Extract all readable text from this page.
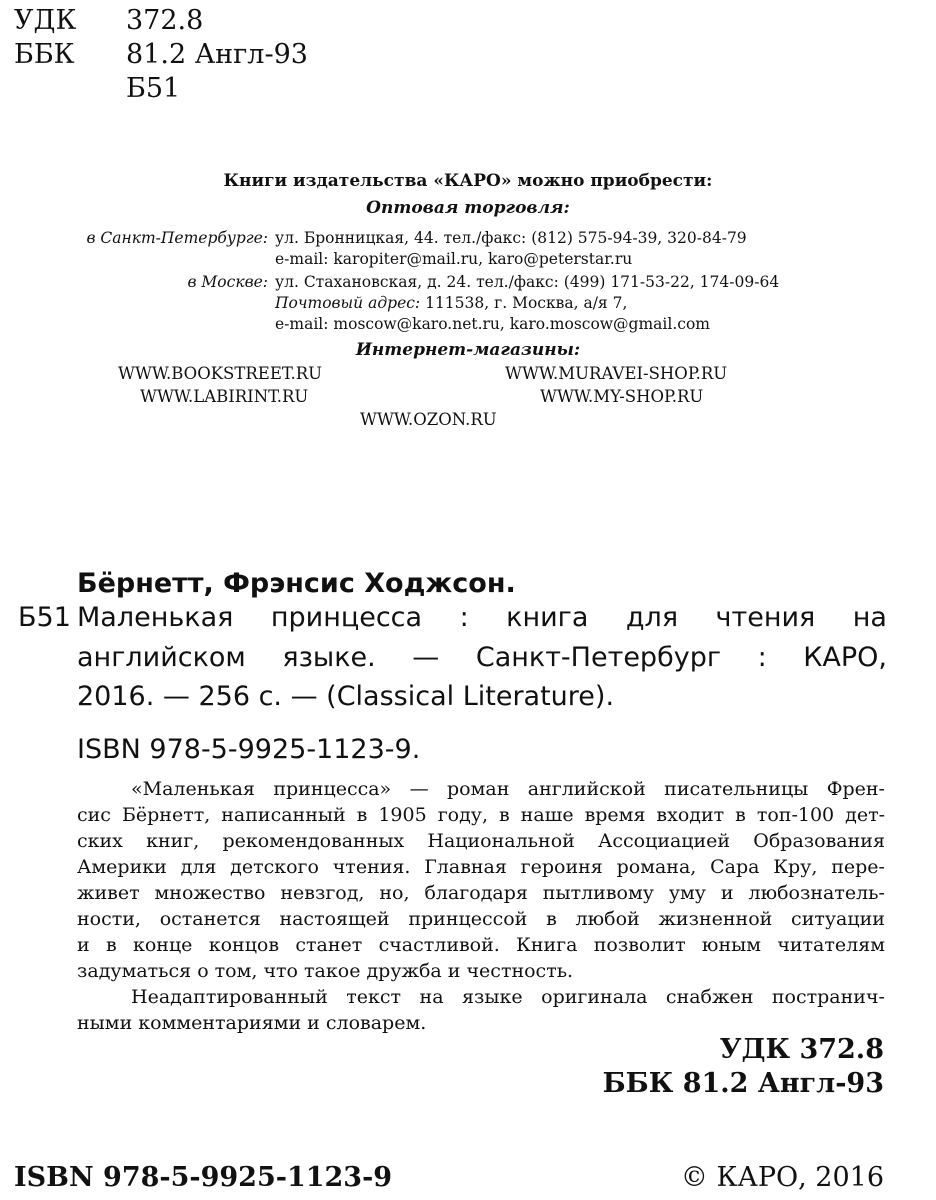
УДК 372.8
ББК 81.2 Англ-93
Б51
Книги издательства «КАРО» можно приобрести:
Оптовая торговля:
в Санкт-Петербурге: ул. Бронницкая, 44. тел./факс: (812) 575-94-39, 320-84-79
e-mail: karopiter@mail.ru, karo@peterstar.ru
в Москве: ул. Стахановская, д. 24. тел./факс: (499) 171-53-22, 174-09-64
Почтовый адрес: 111538, г. Москва, а/я 7,
e-mail: moscow@karo.net.ru, karo.moscow@gmail.com
Интернет-магазины:
WWW.BOOKSTREET.RU	WWW.MURAVEI-SHOP.RU
WWW.LABIRINT.RU	WWW.MY-SHOP.RU
WWW.OZON.RU
Бёрнетт, Фрэнсис Ходжсон.
Б51 Маленькая принцесса : книга для чтения на
английском языке. — Санкт-Петербург : КАРО,
2016. — 256 с. — (Classical Literature).
ISBN 978-5-9925-1123-9.
«Маленькая принцесса» — роман английской писательницы Френ-
сис Бёрнетт, написанный в 1905 году, в наше время входит в топ-100 дет-
ских книг, рекомендованных Национальной Ассоциацией Образования
Америки для детского чтения. Главная героиня романа, Сара Кру, пере-
живет множество невзгод, но, благодаря пытливому уму и любознатель-
ности, останется настоящей принцессой в любой жизненной ситуации
и в конце концов станет счастливой. Книга позволит юным читателям
задуматься о том, что такое дружба и честность.
Неадаптированный текст на языке оригинала снабжен постранич-
ными комментариями и словарем.
УДК 372.8
ББК 81.2 Англ-93
ISBN 978-5-9925-1123-9	© КАРО, 2016
